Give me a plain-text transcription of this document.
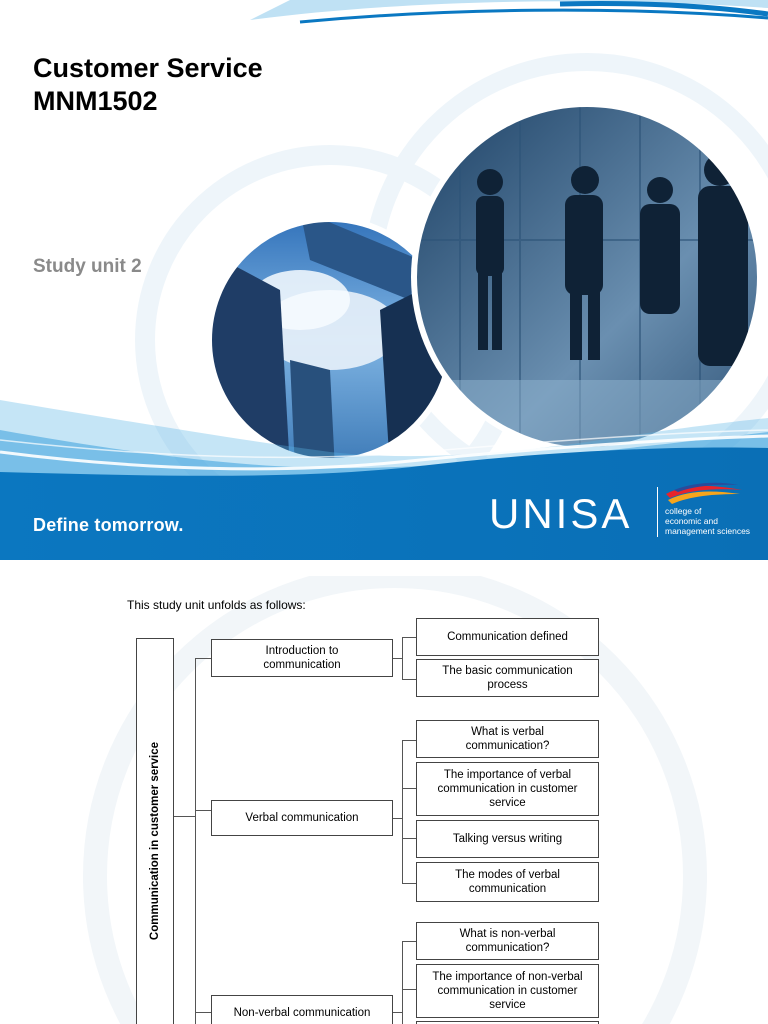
Customer Service
MNM1502
Study unit 2
Define tomorrow.	UNISA	college of
economic and
management sciences
This study unit unfolds as follows:
Communication in customer service
Introduction to
communication
Communication defined
The basic communication
process
Verbal communication
What is verbal
communication?
The importance of verbal
communication in customer
service
Talking versus writing
The modes of verbal
communication
Non-verbal communication
What is non-verbal
communication?
The importance of non-verbal
communication in customer
service
